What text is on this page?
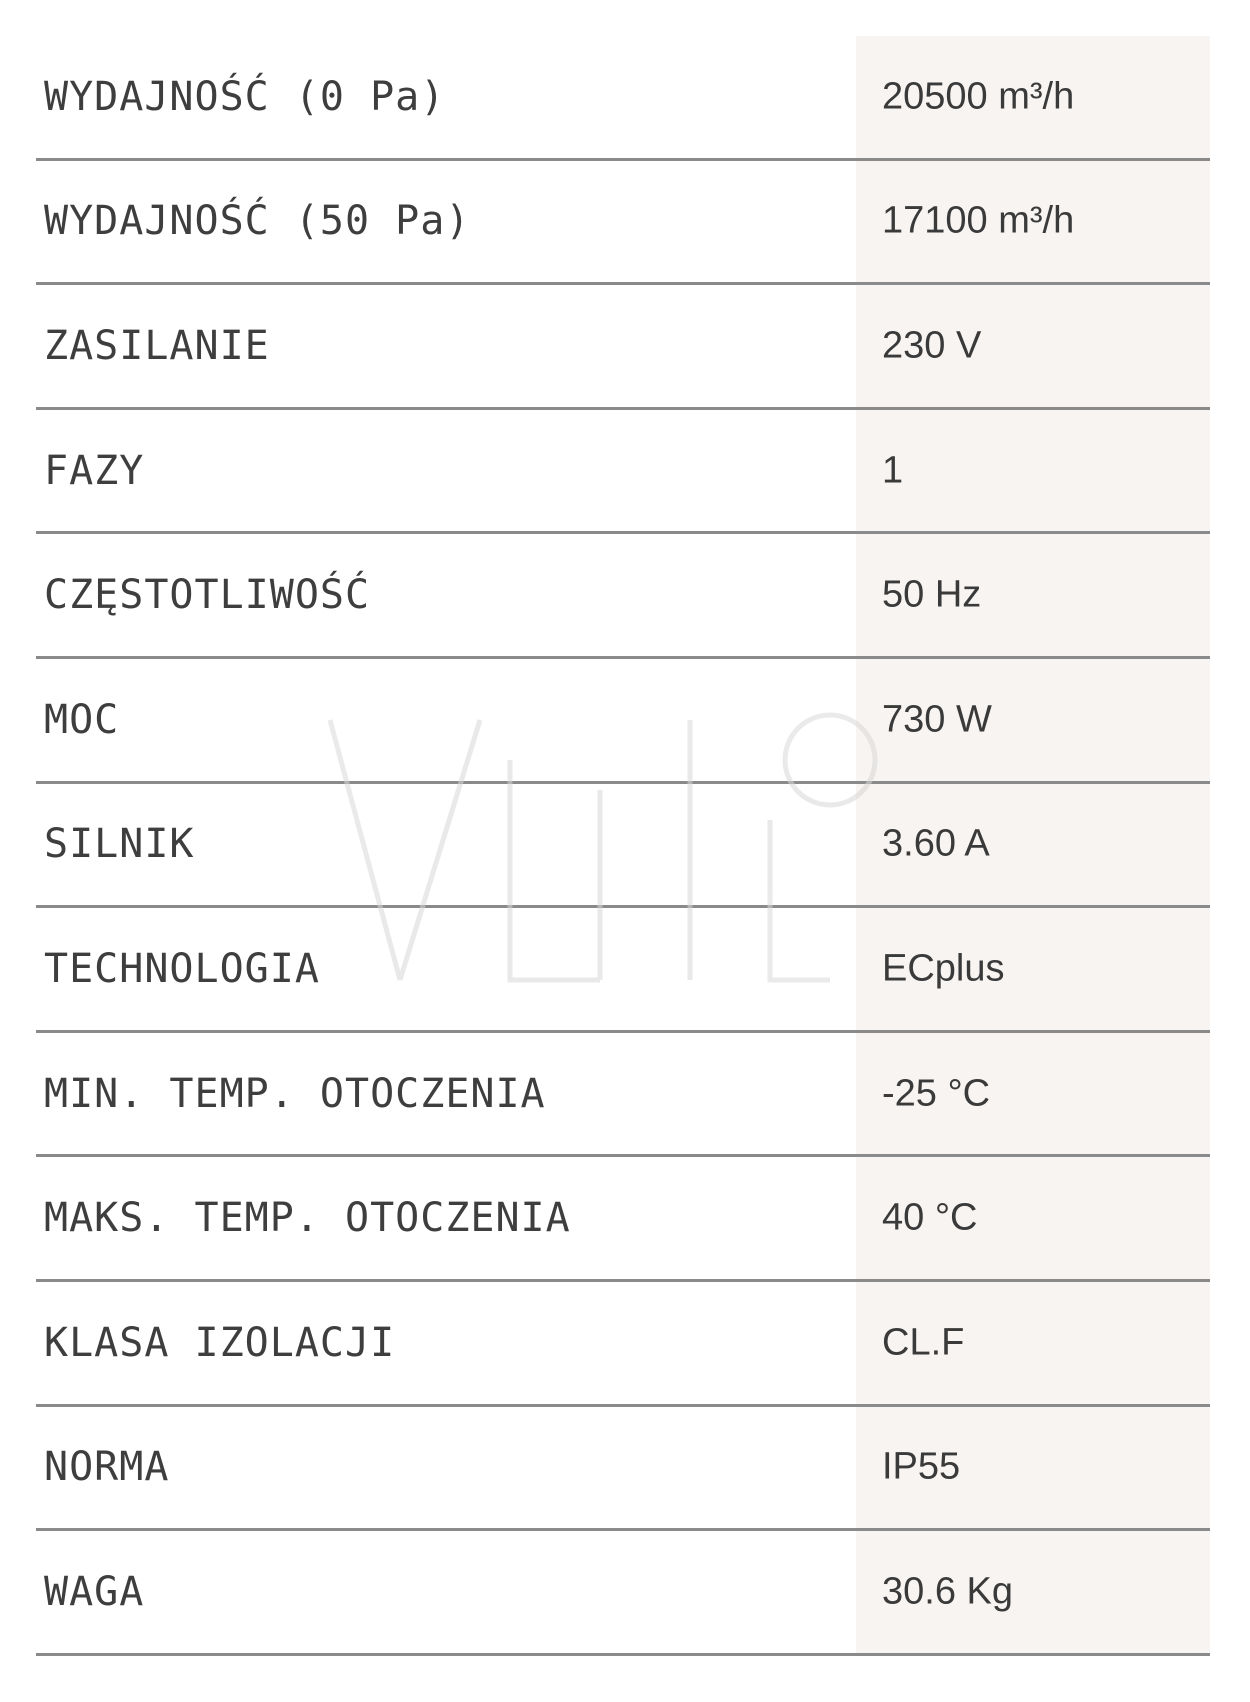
WYDAJNOŚĆ (0 Pa)	20500 m³/h
WYDAJNOŚĆ (50 Pa)	17100 m³/h
ZASILANIE	230 V
FAZY	1
CZĘSTOTLIWOŚĆ	50 Hz
MOC	730 W
SILNIK	3.60 A
TECHNOLOGIA	ECplus
MIN. TEMP. OTOCZENIA	-25 °C
MAKS. TEMP. OTOCZENIA	40 °C
KLASA IZOLACJI	CL.F
NORMA	IP55
WAGA	30.6 Kg
